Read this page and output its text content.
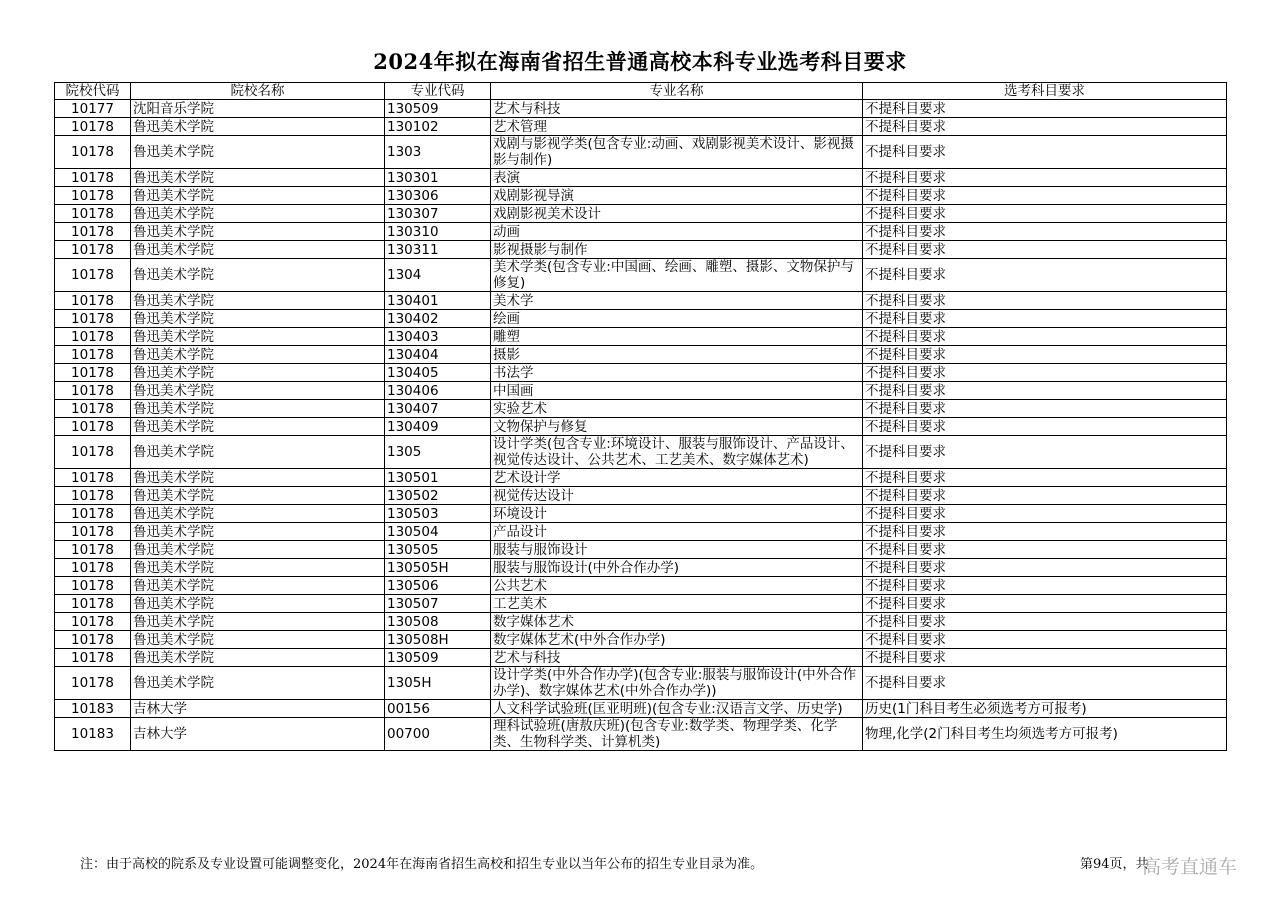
2024年拟在海南省招生普通高校本科专业选考科目要求
院校代码	院校名称	专业代码	专业名称	选考科目要求
10177	沈阳音乐学院	130509	艺术与科技	不提科目要求
10178	鲁迅美术学院	130102	艺术管理	不提科目要求
10178	鲁迅美术学院	1303	戏剧与影视学类(包含专业:动画、戏剧影视美术设计、影视摄影与制作)	不提科目要求
10178	鲁迅美术学院	130301	表演	不提科目要求
10178	鲁迅美术学院	130306	戏剧影视导演	不提科目要求
10178	鲁迅美术学院	130307	戏剧影视美术设计	不提科目要求
10178	鲁迅美术学院	130310	动画	不提科目要求
10178	鲁迅美术学院	130311	影视摄影与制作	不提科目要求
10178	鲁迅美术学院	1304	美术学类(包含专业:中国画、绘画、雕塑、摄影、文物保护与修复)	不提科目要求
10178	鲁迅美术学院	130401	美术学	不提科目要求
10178	鲁迅美术学院	130402	绘画	不提科目要求
10178	鲁迅美术学院	130403	雕塑	不提科目要求
10178	鲁迅美术学院	130404	摄影	不提科目要求
10178	鲁迅美术学院	130405	书法学	不提科目要求
10178	鲁迅美术学院	130406	中国画	不提科目要求
10178	鲁迅美术学院	130407	实验艺术	不提科目要求
10178	鲁迅美术学院	130409	文物保护与修复	不提科目要求
10178	鲁迅美术学院	1305	设计学类(包含专业:环境设计、服装与服饰设计、产品设计、视觉传达设计、公共艺术、工艺美术、数字媒体艺术)	不提科目要求
10178	鲁迅美术学院	130501	艺术设计学	不提科目要求
10178	鲁迅美术学院	130502	视觉传达设计	不提科目要求
10178	鲁迅美术学院	130503	环境设计	不提科目要求
10178	鲁迅美术学院	130504	产品设计	不提科目要求
10178	鲁迅美术学院	130505	服装与服饰设计	不提科目要求
10178	鲁迅美术学院	130505H	服装与服饰设计(中外合作办学)	不提科目要求
10178	鲁迅美术学院	130506	公共艺术	不提科目要求
10178	鲁迅美术学院	130507	工艺美术	不提科目要求
10178	鲁迅美术学院	130508	数字媒体艺术	不提科目要求
10178	鲁迅美术学院	130508H	数字媒体艺术(中外合作办学)	不提科目要求
10178	鲁迅美术学院	130509	艺术与科技	不提科目要求
10178	鲁迅美术学院	1305H	设计学类(中外合作办学)(包含专业:服装与服饰设计(中外合作办学)、数字媒体艺术(中外合作办学))	不提科目要求
10183	吉林大学	00156	人文科学试验班(匡亚明班)(包含专业:汉语言文学、历史学)	历史(1门科目考生必须选考方可报考)
10183	吉林大学	00700	理科试验班(唐敖庆班)(包含专业:数学类、物理学类、化学类、生物科学类、计算机类)	物理,化学(2门科目考生均须选考方可报考)
注：由于高校的院系及专业设置可能调整变化，2024年在海南省招生高校和招生专业以当年公布的招生专业目录为准。	第94页，共
高考直通车
